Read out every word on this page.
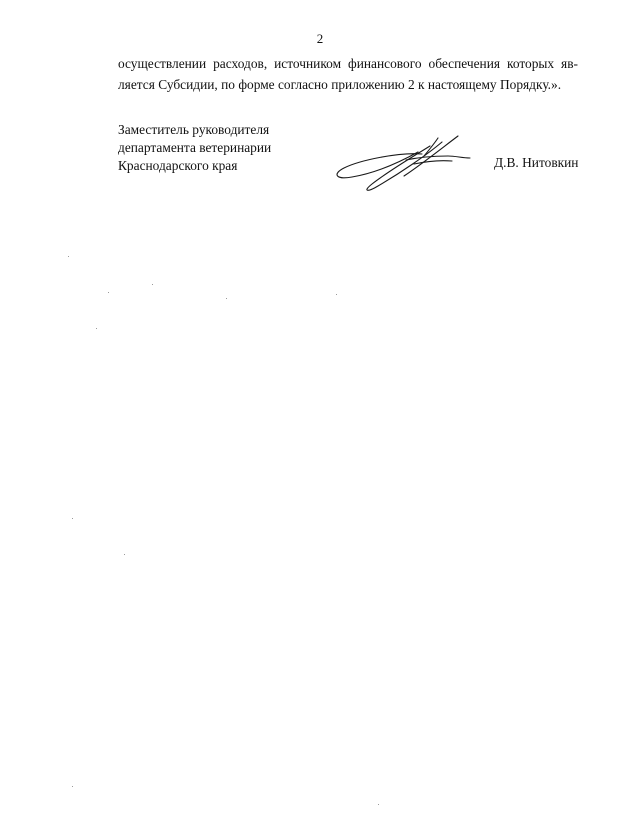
2
осуществлении расходов, источником финансового обеспечения которых яв-
ляется Субсидии, по форме согласно приложению 2 к настоящему Порядку.».
Заместитель руководителя
департамента ветеринарии
Краснодарского края	Д.В. Нитовкин
